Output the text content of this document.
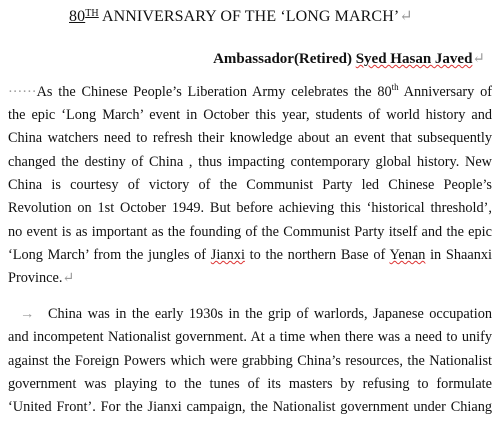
80TH ANNIVERSARY OF THE ‘LONG MARCH’↵
Ambassador(Retired) Syed Hasan Javed↵
······As the Chinese People’s Liberation Army celebrates the 80th Anniversary of
the epic ‘Long March’ event in October this year, students of world history and
China watchers need to refresh their knowledge about an event that subsequently
changed the destiny of China , thus impacting contemporary global history. New
China is courtesy of victory of the Communist Party led Chinese People’s
Revolution on 1st October 1949. But before achieving this ‘historical threshold’,
no event is as important as the founding of the Communist Party itself and the epic
‘Long March’ from the jungles of Jianxi to the northern Base of Yenan in Shaanxi
Province.↵
→ China was in the early 1930s in the grip of warlords, Japanese occupation
and incompetent Nationalist government. At a time when there was a need to unify
against the Foreign Powers which were grabbing China’s resources, the Nationalist
government was playing to the tunes of its masters by refusing to formulate
‘United Front’. For the Jianxi campaign, the Nationalist government under Chiang
